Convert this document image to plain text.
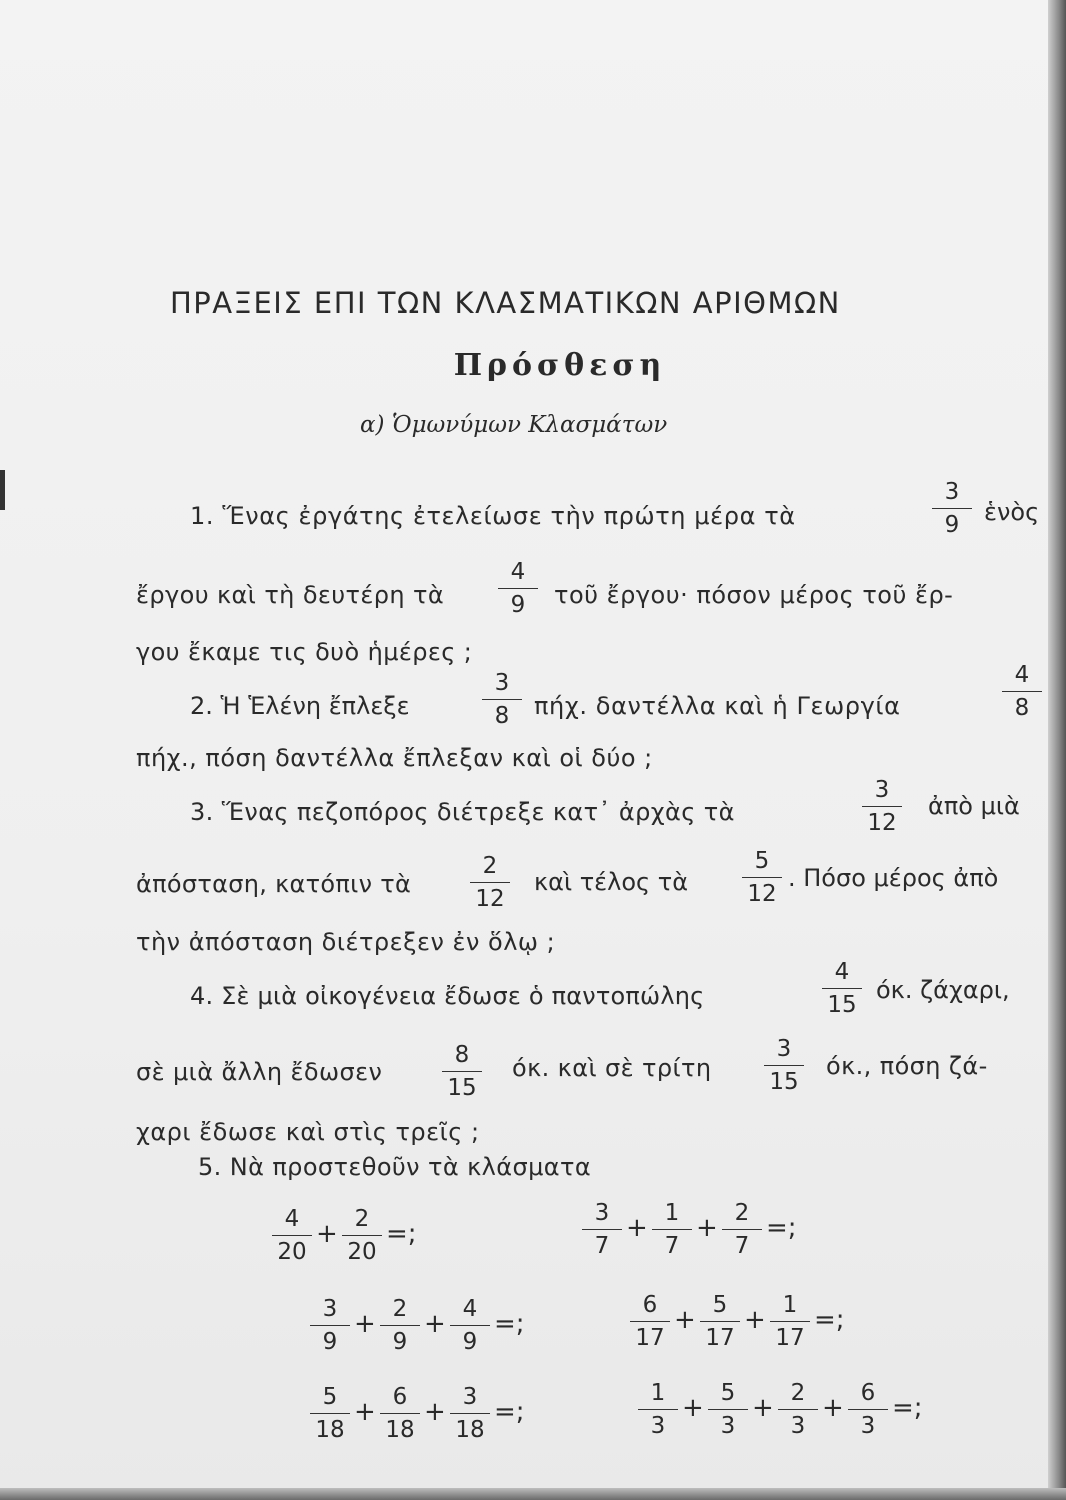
ΠΡΑΞΕΙΣ ΕΠΙ ΤΩΝ ΚΛΑΣΜΑΤΙΚΩΝ ΑΡΙΘΜΩΝ
Πρόσθεση
α) Ὁμωνύμων Κλασμάτων
1. Ἕνας ἐργάτης ἐτελείωσε τὴν πρώτη μέρα τὰ
3
9	ἑνὸς
ἔργου καὶ τὴ δευτέρη τὰ
4
9	τοῦ ἔργου· πόσον μέρος τοῦ ἔρ-
γου ἔκαμε τις δυὸ ἡμέρες ;
2. Ἡ Ἑλένη ἔπλεξε
3
8	πήχ. δαντέλλα καὶ ἡ Γεωργία
4
8
πήχ., πόση δαντέλλα ἔπλεξαν καὶ οἱ δύο ;
3. Ἕνας πεζοπόρος διέτρεξε κατ᾽ ἀρχὰς τὰ
3
12
ἀπὸ μιὰ
ἀπόσταση, κατόπιν τὰ
2
12
καὶ τέλος τὰ
5
12
. Πόσο μέρος ἀπὸ
τὴν ἀπόσταση διέτρεξεν ἐν ὅλῳ ;
4. Σὲ μιὰ οἰκογένεια ἔδωσε ὁ παντοπώλης
4
15
όκ. ζάχαρι,
σὲ μιὰ ἄλλη ἔδωσεν
8
15
όκ. καὶ σὲ τρίτη
3
15
όκ., πόση ζά-
χαρι ἔδωσε καὶ στὶς τρεῖς ;
5. Νὰ προστεθοῦν τὰ κλάσματα
4
20
+ 2
20
=;
3
7
+ 1
7
+ 2
7
=;
3
9
+ 2
9
+ 4
9
=;
6
17
+ 5
17
+ 1
17
=;
5
18
+ 6
18
+ 3
18
=;
1
3
+ 5
3
+ 2
3
+ 6
3
=;
